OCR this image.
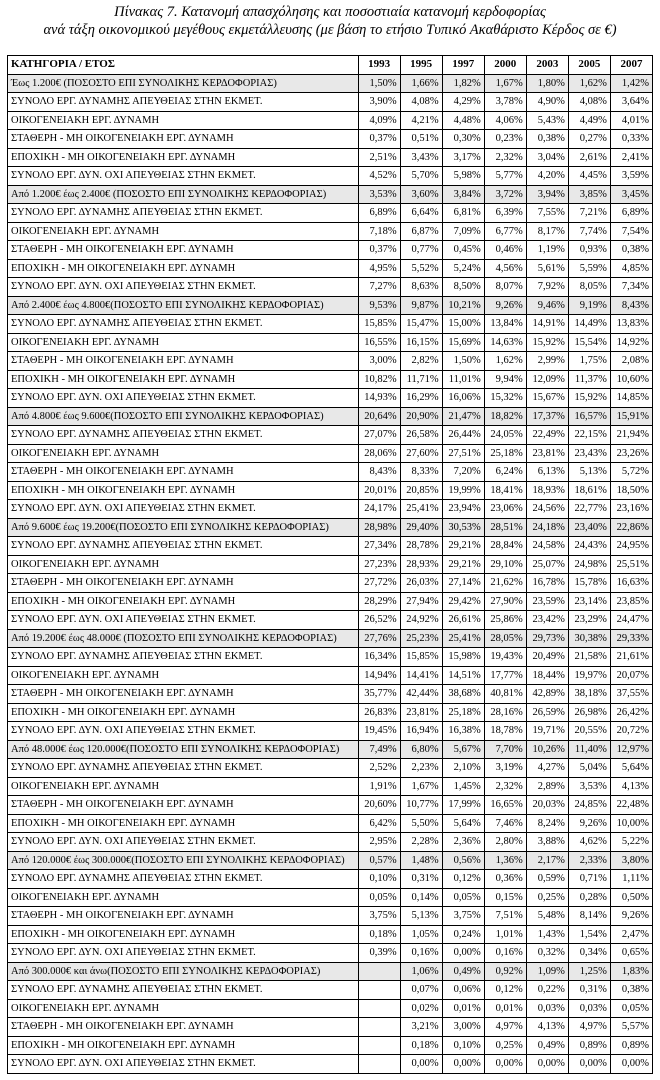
Πίνακας 7. Κατανομή απασχόλησης και ποσοστιαία κατανομή κερδοφορίας
ανά τάξη οικονομικού μεγέθους εκμετάλλευσης (με βάση το ετήσιο Τυπικό Ακαθάριστο Κέρδος σε €)
ΚΑΤΗΓΟΡΙΑ / ΕΤΟΣ	1993	1995	1997	2000	2003	2005	2007
Έως 1.200€ (ΠΟΣΟΣΤΟ ΕΠΙ ΣΥΝΟΛΙΚΗΣ ΚΕΡΔΟΦΟΡΙΑΣ)	1,50%	1,66%	1,82%	1,67%	1,80%	1,62%	1,42%
ΣΥΝΟΛΟ ΕΡΓ. ΔΥΝΑΜΗΣ ΑΠΕΥΘΕΙΑΣ ΣΤΗΝ ΕΚΜΕΤ.	3,90%	4,08%	4,29%	3,78%	4,90%	4,08%	3,64%
ΟΙΚΟΓΕΝΕΙΑΚΗ ΕΡΓ. ΔΥΝΑΜΗ	4,09%	4,21%	4,48%	4,06%	5,43%	4,49%	4,01%
ΣΤΑΘΕΡΗ - ΜΗ ΟΙΚΟΓΕΝΕΙΑΚΗ ΕΡΓ. ΔΥΝΑΜΗ	0,37%	0,51%	0,30%	0,23%	0,38%	0,27%	0,33%
ΕΠΟΧΙΚΗ - ΜΗ ΟΙΚΟΓΕΝΕΙΑΚΗ ΕΡΓ. ΔΥΝΑΜΗ	2,51%	3,43%	3,17%	2,32%	3,04%	2,61%	2,41%
ΣΥΝΟΛΟ ΕΡΓ. ΔΥΝ. ΟΧΙ ΑΠΕΥΘΕΙΑΣ ΣΤΗΝ ΕΚΜΕΤ.	4,52%	5,70%	5,98%	5,77%	4,20%	4,45%	3,59%
Από 1.200€ έως 2.400€ (ΠΟΣΟΣΤΟ ΕΠΙ ΣΥΝΟΛΙΚΗΣ ΚΕΡΔΟΦΟΡΙΑΣ)	3,53%	3,60%	3,84%	3,72%	3,94%	3,85%	3,45%
ΣΥΝΟΛΟ ΕΡΓ. ΔΥΝΑΜΗΣ ΑΠΕΥΘΕΙΑΣ ΣΤΗΝ ΕΚΜΕΤ.	6,89%	6,64%	6,81%	6,39%	7,55%	7,21%	6,89%
ΟΙΚΟΓΕΝΕΙΑΚΗ ΕΡΓ. ΔΥΝΑΜΗ	7,18%	6,87%	7,09%	6,77%	8,17%	7,74%	7,54%
ΣΤΑΘΕΡΗ - ΜΗ ΟΙΚΟΓΕΝΕΙΑΚΗ ΕΡΓ. ΔΥΝΑΜΗ	0,37%	0,77%	0,45%	0,46%	1,19%	0,93%	0,38%
ΕΠΟΧΙΚΗ - ΜΗ ΟΙΚΟΓΕΝΕΙΑΚΗ ΕΡΓ. ΔΥΝΑΜΗ	4,95%	5,52%	5,24%	4,56%	5,61%	5,59%	4,85%
ΣΥΝΟΛΟ ΕΡΓ. ΔΥΝ. ΟΧΙ ΑΠΕΥΘΕΙΑΣ ΣΤΗΝ ΕΚΜΕΤ.	7,27%	8,63%	8,50%	8,07%	7,92%	8,05%	7,34%
Από 2.400€ έως 4.800€(ΠΟΣΟΣΤΟ ΕΠΙ ΣΥΝΟΛΙΚΗΣ ΚΕΡΔΟΦΟΡΙΑΣ)	9,53%	9,87%	10,21%	9,26%	9,46%	9,19%	8,43%
ΣΥΝΟΛΟ ΕΡΓ. ΔΥΝΑΜΗΣ ΑΠΕΥΘΕΙΑΣ ΣΤΗΝ ΕΚΜΕΤ.	15,85%	15,47%	15,00%	13,84%	14,91%	14,49%	13,83%
ΟΙΚΟΓΕΝΕΙΑΚΗ ΕΡΓ. ΔΥΝΑΜΗ	16,55%	16,15%	15,69%	14,63%	15,92%	15,54%	14,92%
ΣΤΑΘΕΡΗ - ΜΗ ΟΙΚΟΓΕΝΕΙΑΚΗ ΕΡΓ. ΔΥΝΑΜΗ	3,00%	2,82%	1,50%	1,62%	2,99%	1,75%	2,08%
ΕΠΟΧΙΚΗ - ΜΗ ΟΙΚΟΓΕΝΕΙΑΚΗ ΕΡΓ. ΔΥΝΑΜΗ	10,82%	11,71%	11,01%	9,94%	12,09%	11,37%	10,60%
ΣΥΝΟΛΟ ΕΡΓ. ΔΥΝ. ΟΧΙ ΑΠΕΥΘΕΙΑΣ ΣΤΗΝ ΕΚΜΕΤ.	14,93%	16,29%	16,06%	15,32%	15,67%	15,92%	14,85%
Από 4.800€ έως 9.600€(ΠΟΣΟΣΤΟ ΕΠΙ ΣΥΝΟΛΙΚΗΣ ΚΕΡΔΟΦΟΡΙΑΣ)	20,64%	20,90%	21,47%	18,82%	17,37%	16,57%	15,91%
ΣΥΝΟΛΟ ΕΡΓ. ΔΥΝΑΜΗΣ ΑΠΕΥΘΕΙΑΣ ΣΤΗΝ ΕΚΜΕΤ.	27,07%	26,58%	26,44%	24,05%	22,49%	22,15%	21,94%
ΟΙΚΟΓΕΝΕΙΑΚΗ ΕΡΓ. ΔΥΝΑΜΗ	28,06%	27,60%	27,51%	25,18%	23,81%	23,43%	23,26%
ΣΤΑΘΕΡΗ - ΜΗ ΟΙΚΟΓΕΝΕΙΑΚΗ ΕΡΓ. ΔΥΝΑΜΗ	8,43%	8,33%	7,20%	6,24%	6,13%	5,13%	5,72%
ΕΠΟΧΙΚΗ - ΜΗ ΟΙΚΟΓΕΝΕΙΑΚΗ ΕΡΓ. ΔΥΝΑΜΗ	20,01%	20,85%	19,99%	18,41%	18,93%	18,61%	18,50%
ΣΥΝΟΛΟ ΕΡΓ. ΔΥΝ. ΟΧΙ ΑΠΕΥΘΕΙΑΣ ΣΤΗΝ ΕΚΜΕΤ.	24,17%	25,41%	23,94%	23,06%	24,56%	22,77%	23,16%
Από 9.600€ έως 19.200€(ΠΟΣΟΣΤΟ ΕΠΙ ΣΥΝΟΛΙΚΗΣ ΚΕΡΔΟΦΟΡΙΑΣ)	28,98%	29,40%	30,53%	28,51%	24,18%	23,40%	22,86%
ΣΥΝΟΛΟ ΕΡΓ. ΔΥΝΑΜΗΣ ΑΠΕΥΘΕΙΑΣ ΣΤΗΝ ΕΚΜΕΤ.	27,34%	28,78%	29,21%	28,84%	24,58%	24,43%	24,95%
ΟΙΚΟΓΕΝΕΙΑΚΗ ΕΡΓ. ΔΥΝΑΜΗ	27,23%	28,93%	29,21%	29,10%	25,07%	24,98%	25,51%
ΣΤΑΘΕΡΗ - ΜΗ ΟΙΚΟΓΕΝΕΙΑΚΗ ΕΡΓ. ΔΥΝΑΜΗ	27,72%	26,03%	27,14%	21,62%	16,78%	15,78%	16,63%
ΕΠΟΧΙΚΗ - ΜΗ ΟΙΚΟΓΕΝΕΙΑΚΗ ΕΡΓ. ΔΥΝΑΜΗ	28,29%	27,94%	29,42%	27,90%	23,59%	23,14%	23,85%
ΣΥΝΟΛΟ ΕΡΓ. ΔΥΝ. ΟΧΙ ΑΠΕΥΘΕΙΑΣ ΣΤΗΝ ΕΚΜΕΤ.	26,52%	24,92%	26,61%	25,86%	23,42%	23,29%	24,47%
Από 19.200€ έως 48.000€ (ΠΟΣΟΣΤΟ ΕΠΙ ΣΥΝΟΛΙΚΗΣ ΚΕΡΔΟΦΟΡΙΑΣ)	27,76%	25,23%	25,41%	28,05%	29,73%	30,38%	29,33%
ΣΥΝΟΛΟ ΕΡΓ. ΔΥΝΑΜΗΣ ΑΠΕΥΘΕΙΑΣ ΣΤΗΝ ΕΚΜΕΤ.	16,34%	15,85%	15,98%	19,43%	20,49%	21,58%	21,61%
ΟΙΚΟΓΕΝΕΙΑΚΗ ΕΡΓ. ΔΥΝΑΜΗ	14,94%	14,41%	14,51%	17,77%	18,44%	19,97%	20,07%
ΣΤΑΘΕΡΗ - ΜΗ ΟΙΚΟΓΕΝΕΙΑΚΗ ΕΡΓ. ΔΥΝΑΜΗ	35,77%	42,44%	38,68%	40,81%	42,89%	38,18%	37,55%
ΕΠΟΧΙΚΗ - ΜΗ ΟΙΚΟΓΕΝΕΙΑΚΗ ΕΡΓ. ΔΥΝΑΜΗ	26,83%	23,81%	25,18%	28,16%	26,59%	26,98%	26,42%
ΣΥΝΟΛΟ ΕΡΓ. ΔΥΝ. ΟΧΙ ΑΠΕΥΘΕΙΑΣ ΣΤΗΝ ΕΚΜΕΤ.	19,45%	16,94%	16,38%	18,78%	19,71%	20,55%	20,72%
Από 48.000€ έως 120.000€(ΠΟΣΟΣΤΟ ΕΠΙ ΣΥΝΟΛΙΚΗΣ ΚΕΡΔΟΦΟΡΙΑΣ)	7,49%	6,80%	5,67%	7,70%	10,26%	11,40%	12,97%
ΣΥΝΟΛΟ ΕΡΓ. ΔΥΝΑΜΗΣ ΑΠΕΥΘΕΙΑΣ ΣΤΗΝ ΕΚΜΕΤ.	2,52%	2,23%	2,10%	3,19%	4,27%	5,04%	5,64%
ΟΙΚΟΓΕΝΕΙΑΚΗ ΕΡΓ. ΔΥΝΑΜΗ	1,91%	1,67%	1,45%	2,32%	2,89%	3,53%	4,13%
ΣΤΑΘΕΡΗ - ΜΗ ΟΙΚΟΓΕΝΕΙΑΚΗ ΕΡΓ. ΔΥΝΑΜΗ	20,60%	10,77%	17,99%	16,65%	20,03%	24,85%	22,48%
ΕΠΟΧΙΚΗ - ΜΗ ΟΙΚΟΓΕΝΕΙΑΚΗ ΕΡΓ. ΔΥΝΑΜΗ	6,42%	5,50%	5,64%	7,46%	8,24%	9,26%	10,00%
ΣΥΝΟΛΟ ΕΡΓ. ΔΥΝ. ΟΧΙ ΑΠΕΥΘΕΙΑΣ ΣΤΗΝ ΕΚΜΕΤ.	2,95%	2,28%	2,36%	2,80%	3,88%	4,62%	5,22%
Από 120.000€ έως 300.000€(ΠΟΣΟΣΤΟ ΕΠΙ ΣΥΝΟΛΙΚΗΣ ΚΕΡΔΟΦΟΡΙΑΣ)	0,57%	1,48%	0,56%	1,36%	2,17%	2,33%	3,80%
ΣΥΝΟΛΟ ΕΡΓ. ΔΥΝΑΜΗΣ ΑΠΕΥΘΕΙΑΣ ΣΤΗΝ ΕΚΜΕΤ.	0,10%	0,31%	0,12%	0,36%	0,59%	0,71%	1,11%
ΟΙΚΟΓΕΝΕΙΑΚΗ ΕΡΓ. ΔΥΝΑΜΗ	0,05%	0,14%	0,05%	0,15%	0,25%	0,28%	0,50%
ΣΤΑΘΕΡΗ - ΜΗ ΟΙΚΟΓΕΝΕΙΑΚΗ ΕΡΓ. ΔΥΝΑΜΗ	3,75%	5,13%	3,75%	7,51%	5,48%	8,14%	9,26%
ΕΠΟΧΙΚΗ - ΜΗ ΟΙΚΟΓΕΝΕΙΑΚΗ ΕΡΓ. ΔΥΝΑΜΗ	0,18%	1,05%	0,24%	1,01%	1,43%	1,54%	2,47%
ΣΥΝΟΛΟ ΕΡΓ. ΔΥΝ. ΟΧΙ ΑΠΕΥΘΕΙΑΣ ΣΤΗΝ ΕΚΜΕΤ.	0,39%	0,16%	0,00%	0,16%	0,32%	0,34%	0,65%
Από 300.000€ και άνω(ΠΟΣΟΣΤΟ ΕΠΙ ΣΥΝΟΛΙΚΗΣ ΚΕΡΔΟΦΟΡΙΑΣ)		1,06%	0,49%	0,92%	1,09%	1,25%	1,83%
ΣΥΝΟΛΟ ΕΡΓ. ΔΥΝΑΜΗΣ ΑΠΕΥΘΕΙΑΣ ΣΤΗΝ ΕΚΜΕΤ.		0,07%	0,06%	0,12%	0,22%	0,31%	0,38%
ΟΙΚΟΓΕΝΕΙΑΚΗ ΕΡΓ. ΔΥΝΑΜΗ		0,02%	0,01%	0,01%	0,03%	0,03%	0,05%
ΣΤΑΘΕΡΗ - ΜΗ ΟΙΚΟΓΕΝΕΙΑΚΗ ΕΡΓ. ΔΥΝΑΜΗ		3,21%	3,00%	4,97%	4,13%	4,97%	5,57%
ΕΠΟΧΙΚΗ - ΜΗ ΟΙΚΟΓΕΝΕΙΑΚΗ ΕΡΓ. ΔΥΝΑΜΗ		0,18%	0,10%	0,25%	0,49%	0,89%	0,89%
ΣΥΝΟΛΟ ΕΡΓ. ΔΥΝ. ΟΧΙ ΑΠΕΥΘΕΙΑΣ ΣΤΗΝ ΕΚΜΕΤ.		0,00%	0,00%	0,00%	0,00%	0,00%	0,00%
